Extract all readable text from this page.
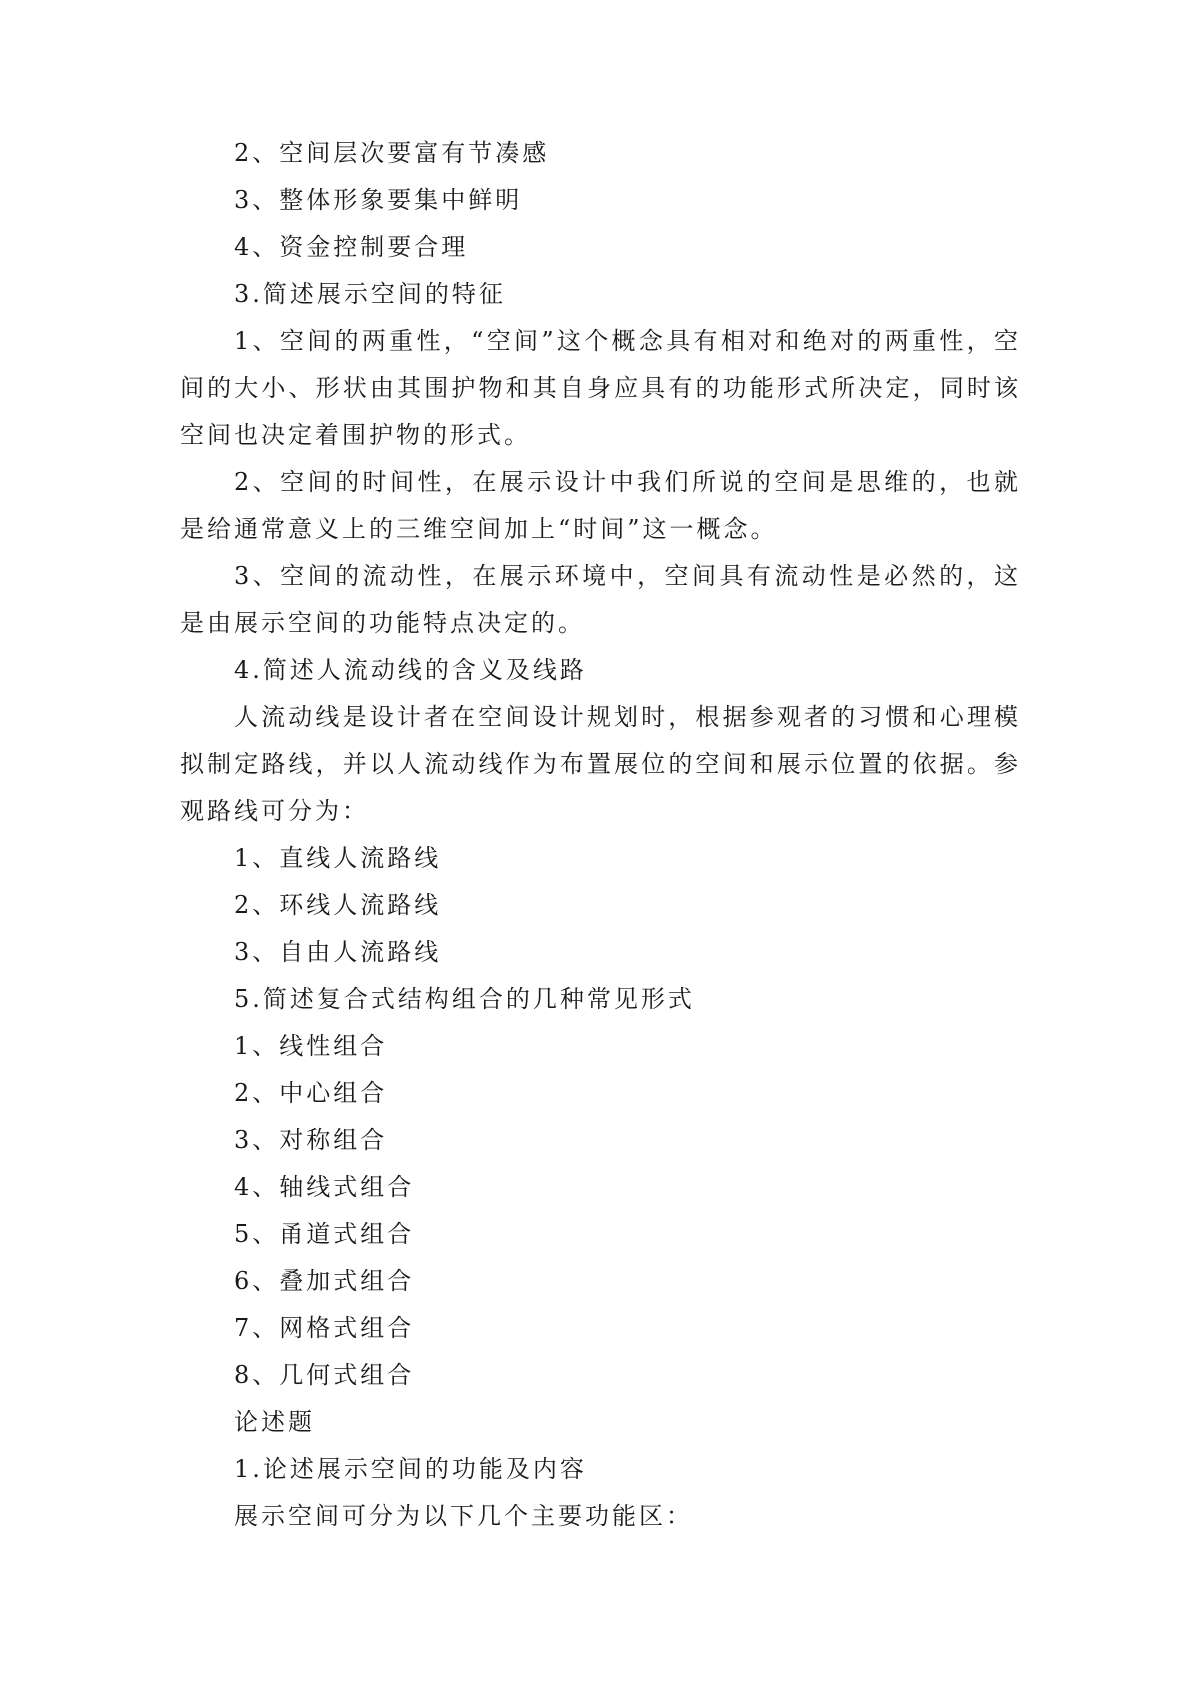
2、空间层次要富有节凑感

3、整体形象要集中鲜明

4、资金控制要合理

3.简述展示空间的特征

1、空间的两重性，“空间”这个概念具有相对和绝对的两重性，空间的大小、形状由其围护物和其自身应具有的功能形式所决定，同时该空间也决定着围护物的形式。

2、空间的时间性，在展示设计中我们所说的空间是思维的，也就是给通常意义上的三维空间加上“时间”这一概念。

3、空间的流动性，在展示环境中，空间具有流动性是必然的，这是由展示空间的功能特点决定的。

4.简述人流动线的含义及线路

人流动线是设计者在空间设计规划时，根据参观者的习惯和心理模拟制定路线，并以人流动线作为布置展位的空间和展示位置的依据。参观路线可分为：

1、直线人流路线

2、环线人流路线

3、自由人流路线

5.简述复合式结构组合的几种常见形式

1、线性组合

2、中心组合

3、对称组合

4、轴线式组合

5、甬道式组合

6、叠加式组合

7、网格式组合

8、几何式组合

论述题

1.论述展示空间的功能及内容

展示空间可分为以下几个主要功能区：
